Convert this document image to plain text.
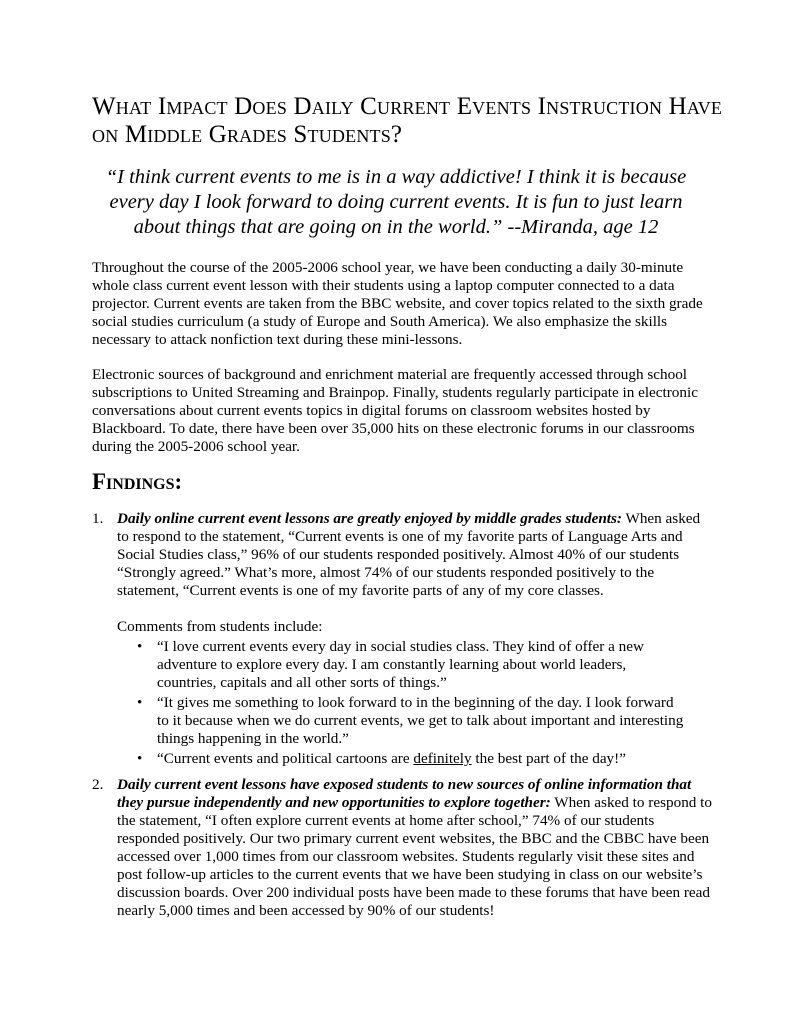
What Impact Does Daily Current Events Instruction Have on Middle Grades Students?

“I think current events to me is in a way addictive! I think it is because every day I look forward to doing current events. It is fun to just learn about things that are going on in the world.” --Miranda, age 12

Throughout the course of the 2005-2006 school year, we have been conducting a daily 30-minute whole class current event lesson with their students using a laptop computer connected to a data projector. Current events are taken from the BBC website, and cover topics related to the sixth grade social studies curriculum (a study of Europe and South America). We also emphasize the skills necessary to attack nonfiction text during these mini-lessons.

Electronic sources of background and enrichment material are frequently accessed through school subscriptions to United Streaming and Brainpop. Finally, students regularly participate in electronic conversations about current events topics in digital forums on classroom websites hosted by Blackboard. To date, there have been over 35,000 hits on these electronic forums in our classrooms during the 2005-2006 school year.

Findings:
1. Daily online current event lessons are greatly enjoyed by middle grades students: When asked to respond to the statement, “Current events is one of my favorite parts of Language Arts and Social Studies class,” 96% of our students responded positively. Almost 40% of our students “Strongly agreed.” What’s more, almost 74% of our students responded positively to the statement, “Current events is one of my favorite parts of any of my core classes.
Comments from students include:
• “I love current events every day in social studies class. They kind of offer a new adventure to explore every day. I am constantly learning about world leaders, countries, capitals and all other sorts of things.”
• “It gives me something to look forward to in the beginning of the day. I look forward to it because when we do current events, we get to talk about important and interesting things happening in the world.”
• “Current events and political cartoons are definitely the best part of the day!”
2. Daily current event lessons have exposed students to new sources of online information that they pursue independently and new opportunities to explore together: When asked to respond to the statement, “I often explore current events at home after school,” 74% of our students responded positively. Our two primary current event websites, the BBC and the CBBC have been accessed over 1,000 times from our classroom websites. Students regularly visit these sites and post follow-up articles to the current events that we have been studying in class on our website’s discussion boards. Over 200 individual posts have been made to these forums that have been read nearly 5,000 times and been accessed by 90% of our students!
